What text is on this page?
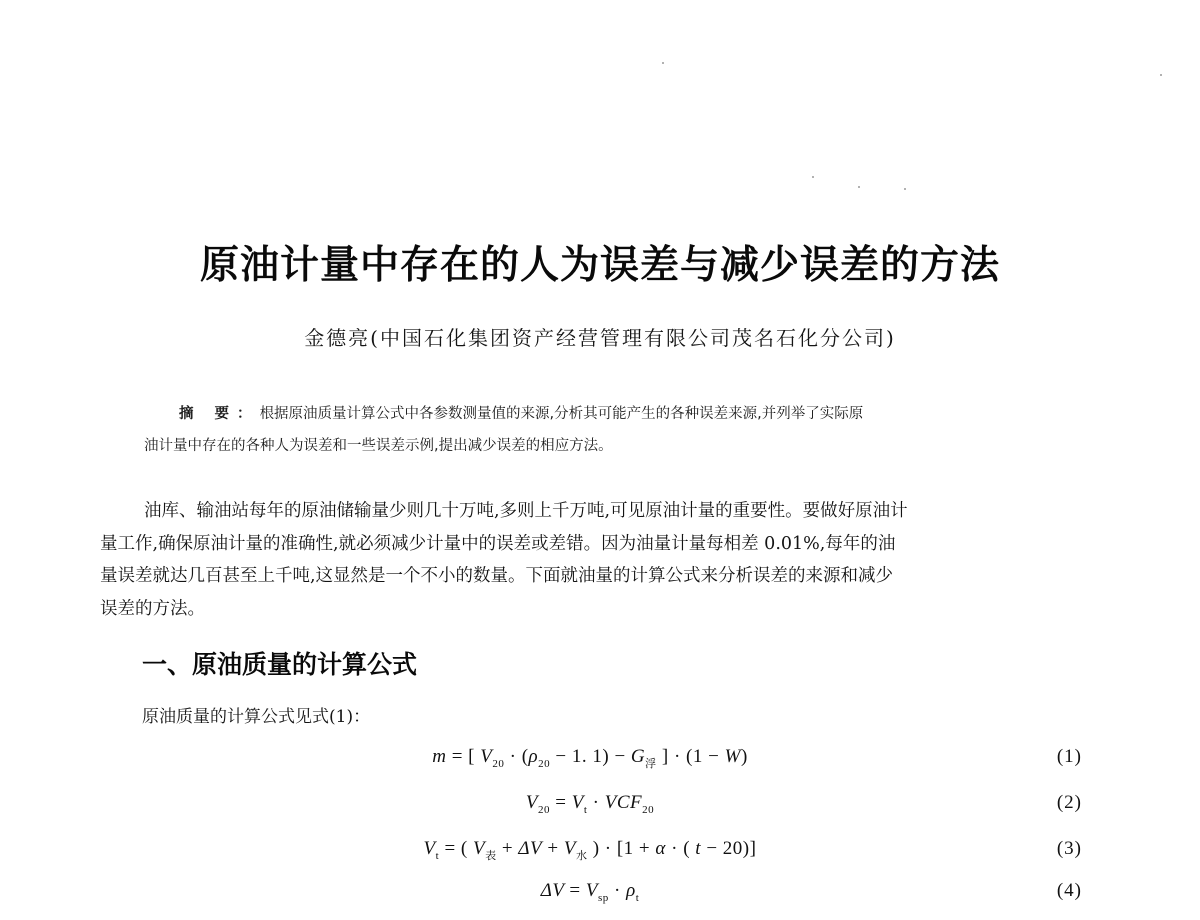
原油计量中存在的人为误差与减少误差的方法
金德亮(中国石化集团资产经营管理有限公司茂名石化分公司)
摘 要：根据原油质量计算公式中各参数测量值的来源,分析其可能产生的各种误差来源,并列举了实际原
油计量中存在的各种人为误差和一些误差示例,提出减少误差的相应方法。
油库、输油站每年的原油储输量少则几十万吨,多则上千万吨,可见原油计量的重要性。要做好原油计
量工作,确保原油计量的准确性,就必须减少计量中的误差或差错。因为油量计量每相差 0.01%,每年的油
量误差就达几百甚至上千吨,这显然是一个不小的数量。下面就油量的计算公式来分析误差的来源和减少
误差的方法。
一、原油质量的计算公式
原油质量的计算公式见式(1)：
m = [ $V_{20} \cdot (\rho_{20} - 1$. $1) - G_浮$ ] · (1 − W)	(1)
$V_{20} = V_t \cdot VCF_{20}$	(2)
$V_t$ = ( $V_表 + \Delta V + V_水$ ) · [1 + α · ( t − 20)]	(3)
$\Delta V = V_{sp} \cdot \rho_t$	(4)
